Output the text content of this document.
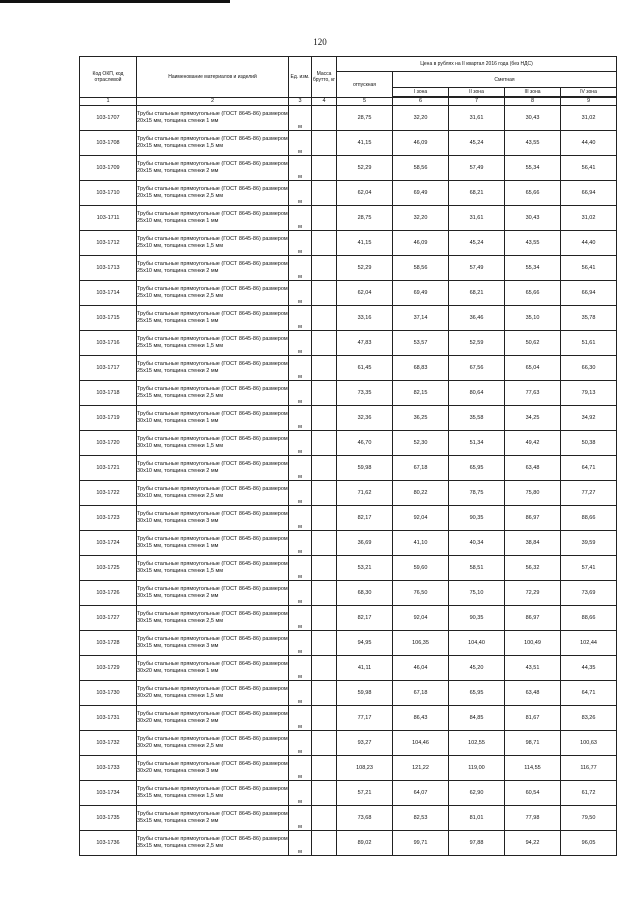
120
Код ОКП, код отраслевой	Наименование материалов и изделий	Ед. изм.	Масса брутто, кг	Цена в рублях на II квартал 2016 года (без НДС)				
				отпускная	Сметная			
					I зона	II зона	III зона	IV зона

1	2	3	4	5	6	7	8	9
103-1707	Трубы стальные прямоугольные (ГОСТ 8645-86) размером 20х15 мм, толщина стенки 1 мм	м		28,75	32,20	31,61	30,43	31,02
103-1708	Трубы стальные прямоугольные (ГОСТ 8645-86) размером 20х15 мм, толщина стенки 1,5 мм	м		41,15	46,09	45,24	43,55	44,40
103-1709	Трубы стальные прямоугольные (ГОСТ 8645-86) размером 20х15 мм, толщина стенки 2 мм	м		52,29	58,56	57,49	55,34	56,41
103-1710	Трубы стальные прямоугольные (ГОСТ 8645-86) размером 20х15 мм, толщина стенки 2,5 мм	м		62,04	69,49	68,21	65,66	66,94
103-1711	Трубы стальные прямоугольные (ГОСТ 8645-86) размером 25х10 мм, толщина стенки 1 мм	м		28,75	32,20	31,61	30,43	31,02
103-1712	Трубы стальные прямоугольные (ГОСТ 8645-86) размером 25х10 мм, толщина стенки 1,5 мм	м		41,15	46,09	45,24	43,55	44,40
103-1713	Трубы стальные прямоугольные (ГОСТ 8645-86) размером 25х10 мм, толщина стенки 2 мм	м		52,29	58,56	57,49	55,34	56,41
103-1714	Трубы стальные прямоугольные (ГОСТ 8645-86) размером 25х10 мм, толщина стенки 2,5 мм	м		62,04	69,49	68,21	65,66	66,94
103-1715	Трубы стальные прямоугольные (ГОСТ 8645-86) размером 25х15 мм, толщина стенки 1 мм	м		33,16	37,14	36,46	35,10	35,78
103-1716	Трубы стальные прямоугольные (ГОСТ 8645-86) размером 25х15 мм, толщина стенки 1,5 мм	м		47,83	53,57	52,59	50,62	51,61
103-1717	Трубы стальные прямоугольные (ГОСТ 8645-86) размером 25х15 мм, толщина стенки 2 мм	м		61,45	68,83	67,56	65,04	66,30
103-1718	Трубы стальные прямоугольные (ГОСТ 8645-86) размером 25х15 мм, толщина стенки 2,5 мм	м		73,35	82,15	80,64	77,63	79,13
103-1719	Трубы стальные прямоугольные (ГОСТ 8645-86) размером 30х10 мм, толщина стенки 1 мм	м		32,36	36,25	35,58	34,25	34,92
103-1720	Трубы стальные прямоугольные (ГОСТ 8645-86) размером 30х10 мм, толщина стенки 1,5 мм	м		46,70	52,30	51,34	49,42	50,38
103-1721	Трубы стальные прямоугольные (ГОСТ 8645-86) размером 30х10 мм, толщина стенки 2 мм	м		59,98	67,18	65,95	63,48	64,71
103-1722	Трубы стальные прямоугольные (ГОСТ 8645-86) размером 30х10 мм, толщина стенки 2,5 мм	м		71,62	80,22	78,75	75,80	77,27
103-1723	Трубы стальные прямоугольные (ГОСТ 8645-86) размером 30х10 мм, толщина стенки 3 мм	м		82,17	92,04	90,35	86,97	88,66
103-1724	Трубы стальные прямоугольные (ГОСТ 8645-86) размером 30х15 мм, толщина стенки 1 мм	м		36,69	41,10	40,34	38,84	39,59
103-1725	Трубы стальные прямоугольные (ГОСТ 8645-86) размером 30х15 мм, толщина стенки 1,5 мм	м		53,21	59,60	58,51	56,32	57,41
103-1726	Трубы стальные прямоугольные (ГОСТ 8645-86) размером 30х15 мм, толщина стенки 2 мм	м		68,30	76,50	75,10	72,29	73,69
103-1727	Трубы стальные прямоугольные (ГОСТ 8645-86) размером 30х15 мм, толщина стенки 2,5 мм	м		82,17	92,04	90,35	86,97	88,66
103-1728	Трубы стальные прямоугольные (ГОСТ 8645-86) размером 30х15 мм, толщина стенки 3 мм	м		94,95	106,35	104,40	100,49	102,44
103-1729	Трубы стальные прямоугольные (ГОСТ 8645-86) размером 30х20 мм, толщина стенки 1 мм	м		41,11	46,04	45,20	43,51	44,35
103-1730	Трубы стальные прямоугольные (ГОСТ 8645-86) размером 30х20 мм, толщина стенки 1,5 мм	м		59,98	67,18	65,95	63,48	64,71
103-1731	Трубы стальные прямоугольные (ГОСТ 8645-86) размером 30х20 мм, толщина стенки 2 мм	м		77,17	86,43	84,85	81,67	83,26
103-1732	Трубы стальные прямоугольные (ГОСТ 8645-86) размером 30х20 мм, толщина стенки 2,5 мм	м		93,27	104,46	102,55	98,71	100,63
103-1733	Трубы стальные прямоугольные (ГОСТ 8645-86) размером 30х20 мм, толщина стенки 3 мм	м		108,23	121,22	119,00	114,55	116,77
103-1734	Трубы стальные прямоугольные (ГОСТ 8645-86) размером 35х15 мм, толщина стенки 1,5 мм	м		57,21	64,07	62,90	60,54	61,72
103-1735	Трубы стальные прямоугольные (ГОСТ 8645-86) размером 35х15 мм, толщина стенки 2 мм	м		73,68	82,53	81,01	77,98	79,50
103-1736	Трубы стальные прямоугольные (ГОСТ 8645-86) размером 35х15 мм, толщина стенки 2,5 мм	м		89,02	99,71	97,88	94,22	96,05
